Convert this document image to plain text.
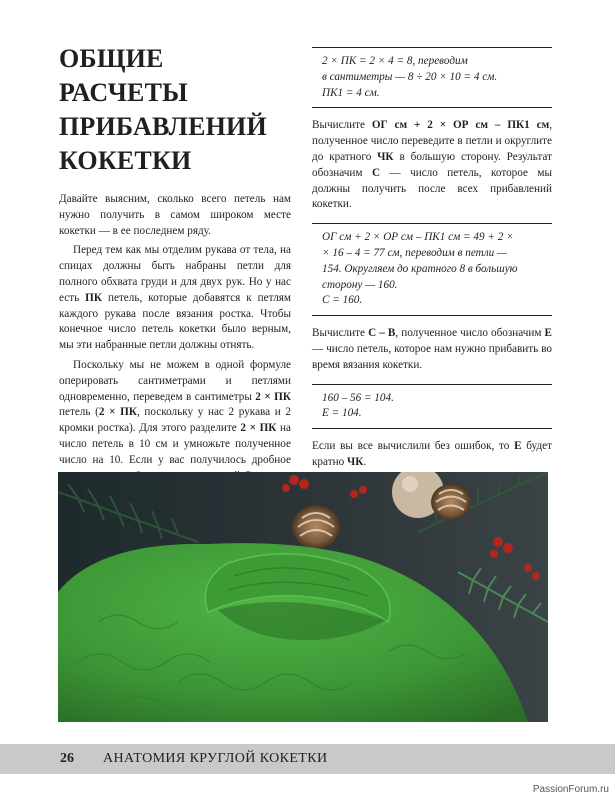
ОБЩИЕ РАСЧЕТЫ
ПРИБАВЛЕНИЙ
КОКЕТКИ

Давайте выясним, сколько всего петель нам нужно получить в самом широком месте кокетки — в ее последнем ряду.

Перед тем как мы отделим рукава от тела, на спицах должны быть набраны петли для полного обхвата груди и для двух рук. Но у нас есть ПК петель, которые добавятся к петлям каждого рукава после вязания ростка. Чтобы конечное число петель кокетки было верным, мы эти набранные петли должны отнять.

Поскольку мы не можем в одной формуле оперировать сантиметрами и петлями одновременно, переведем в сантиметры 2 × ПК петель (2 × ПК, поскольку у нас 2 рукава и 2 кромки ростка). Для этого разделите 2 × ПК на число петель в 10 см и умножьте полученное число на 10. Если у вас получилось дробное

2 × ПК = 2 × 4 = 8, переводим
в сантиметры — 8 ÷ 20 × 10 = 4 см.
ПК1 = 4 см.

Вычислите ОГ см + 2 × ОР см – ПК1 см, полученное число переведите в петли и округлите до кратного ЧК в большую сторону. Результат обозначим С — число петель, которое мы должны получить после всех прибавлений кокетки.

ОГ см + 2 × ОР см – ПК1 см = 49 + 2 ×
× 16 – 4 = 77 см, переводим в петли —
154. Округляем до кратного 8 в большую
сторону — 160.
С = 160.

Вычислите С – В, полученное число обозначим Е — число петель, которое нам нужно прибавить во время вязания кокетки.

160 – 56 = 104.
Е = 104.

Если вы все вычислили без ошибок, то Е будет кратно ЧК.

26 АНАТОМИЯ КРУГЛОЙ КОКЕТКИ
PassionForum.ru
